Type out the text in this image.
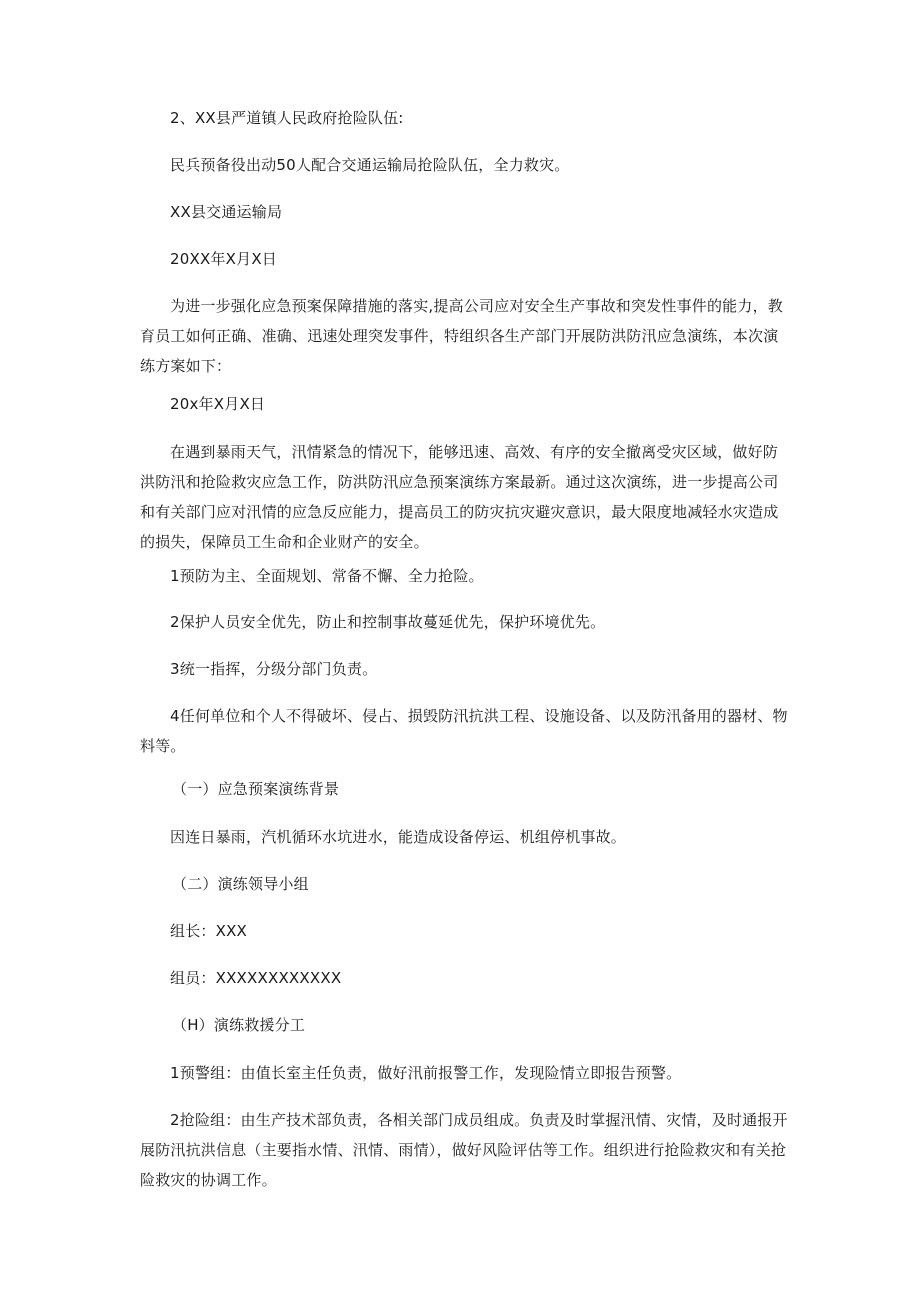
2、XX县严道镇人民政府抢险队伍:

民兵预备役出动50人配合交通运输局抢险队伍，全力救灾。

XX县交通运输局

20XX年X月X日

为进一步强化应急预案保障措施的落实,提高公司应对安全生产事故和突发性事件的能力，教育员工如何正确、准确、迅速处理突发事件，特组织各生产部门开展防洪防汛应急演练，本次演练方案如下：

20x年X月X日

在遇到暴雨天气，汛情紧急的情况下，能够迅速、高效、有序的安全撤离受灾区域，做好防洪防汛和抢险救灾应急工作，防洪防汛应急预案演练方案最新。通过这次演练，进一步提高公司和有关部门应对汛情的应急反应能力，提高员工的防灾抗灾避灾意识，最大限度地减轻水灾造成的损失，保障员工生命和企业财产的安全。

1预防为主、全面规划、常备不懈、全力抢险。

2保护人员安全优先，防止和控制事故蔓延优先，保护环境优先。

3统一指挥，分级分部门负责。

4任何单位和个人不得破坏、侵占、损毁防汛抗洪工程、设施设备、以及防汛备用的器材、物料等。

（一）应急预案演练背景

因连日暴雨，汽机循环水坑进水，能造成设备停运、机组停机事故。

（二）演练领导小组

组长：XXX

组员：XXXXXXXXXXXX

（H）演练救援分工

1预警组：由值长室主任负责，做好汛前报警工作，发现险情立即报告预警。

2抢险组：由生产技术部负责，各相关部门成员组成。负责及时掌握汛情、灾情，及时通报开展防汛抗洪信息（主要指水情、汛情、雨情），做好风险评估等工作。组织进行抢险救灾和有关抢险救灾的协调工作。
